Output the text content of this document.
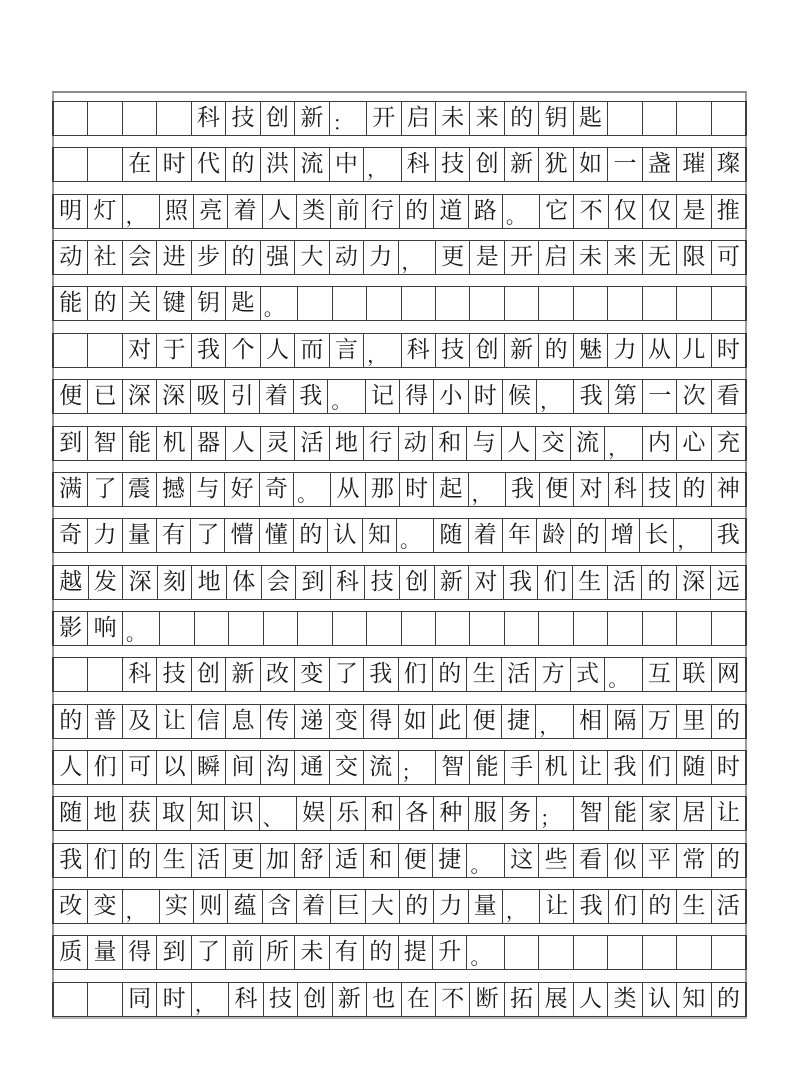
科 技 创 新 ： 开 启 未 来 的 钥 匙
在 时 代 的 洪 流 中 ， 科 技 创 新 犹 如 一 盏 璀 璨
明 灯 ， 照 亮 着 人 类 前 行 的 道 路 。 它 不 仅 仅 是 推
动 社 会 进 步 的 强 大 动 力 ， 更 是 开 启 未 来 无 限 可
能 的 关 键 钥 匙 。
对 于 我 个 人 而 言 ， 科 技 创 新 的 魅 力 从 儿 时
便 已 深 深 吸 引 着 我 。 记 得 小 时 候 ， 我 第 一 次 看
到 智 能 机 器 人 灵 活 地 行 动 和 与 人 交 流 ， 内 心 充
满 了 震 撼 与 好 奇 。 从 那 时 起 ， 我 便 对 科 技 的 神
奇 力 量 有 了 懵 懂 的 认 知 。 随 着 年 龄 的 增 长 ， 我
越 发 深 刻 地 体 会 到 科 技 创 新 对 我 们 生 活 的 深 远
影 响 。
科 技 创 新 改 变 了 我 们 的 生 活 方 式 。 互 联 网
的 普 及 让 信 息 传 递 变 得 如 此 便 捷 ， 相 隔 万 里 的
人 们 可 以 瞬 间 沟 通 交 流 ； 智 能 手 机 让 我 们 随 时
随 地 获 取 知 识 、 娱 乐 和 各 种 服 务 ； 智 能 家 居 让
我 们 的 生 活 更 加 舒 适 和 便 捷 。 这 些 看 似 平 常 的
改 变 ， 实 则 蕴 含 着 巨 大 的 力 量 ， 让 我 们 的 生 活
质 量 得 到 了 前 所 未 有 的 提 升 。
同 时 ， 科 技 创 新 也 在 不 断 拓 展 人 类 认 知 的
